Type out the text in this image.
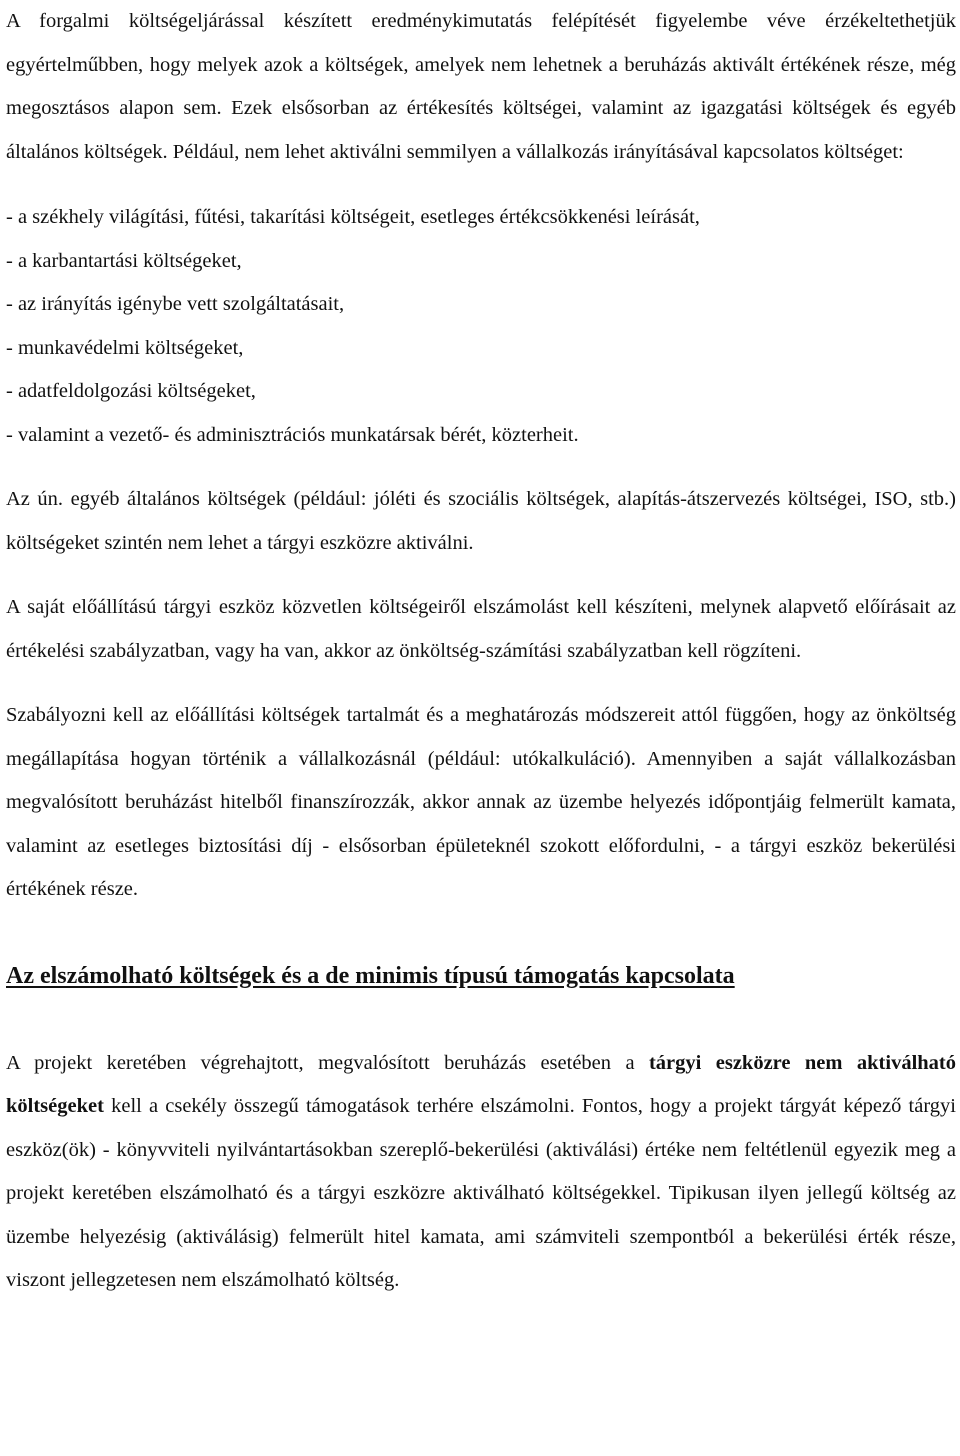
A forgalmi költségeljárással készített eredménykimutatás felépítését figyelembe véve érzékeltethetjük egyértelműbben, hogy melyek azok a költségek, amelyek nem lehetnek a beruházás aktivált értékének része, még megosztásos alapon sem. Ezek elsősorban az értékesítés költségei, valamint az igazgatási költségek és egyéb általános költségek. Például, nem lehet aktiválni semmilyen a vállalkozás irányításával kapcsolatos költséget:

- a székhely világítási, fűtési, takarítási költségeit, esetleges értékcsökkenési leírását,
- a karbantartási költségeket,
- az irányítás igénybe vett szolgáltatásait,
- munkavédelmi költségeket,
- adatfeldolgozási költségeket,
- valamint a vezető- és adminisztrációs munkatársak bérét, közterheit.

Az ún. egyéb általános költségek (például: jóléti és szociális költségek, alapítás-átszervezés költségei, ISO, stb.) költségeket szintén nem lehet a tárgyi eszközre aktiválni.

A saját előállítású tárgyi eszköz közvetlen költségeiről elszámolást kell készíteni, melynek alapvető előírásait az értékelési szabályzatban, vagy ha van, akkor az önköltség-számítási szabályzatban kell rögzíteni.

Szabályozni kell az előállítási költségek tartalmát és a meghatározás módszereit attól függően, hogy az önköltség megállapítása hogyan történik a vállalkozásnál (például: utókalkuláció). Amennyiben a saját vállalkozásban megvalósított beruházást hitelből finanszírozzák, akkor annak az üzembe helyezés időpontjáig felmerült kamata, valamint az esetleges biztosítási díj - elsősorban épületeknél szokott előfordulni, - a tárgyi eszköz bekerülési értékének része.

Az elszámolható költségek és a de minimis típusú támogatás kapcsolata

A projekt keretében végrehajtott, megvalósított beruházás esetében a tárgyi eszközre nem aktiválható költségeket kell a csekély összegű támogatások terhére elszámolni. Fontos, hogy a projekt tárgyát képező tárgyi eszköz(ök) - könyvviteli nyilvántartásokban szereplő-bekerülési (aktiválási) értéke nem feltétlenül egyezik meg a projekt keretében elszámolható és a tárgyi eszközre aktiválható költségekkel. Tipikusan ilyen jellegű költség az üzembe helyezésig (aktiválásig) felmerült hitel kamata, ami számviteli szempontból a bekerülési érték része, viszont jellegzetesen nem elszámolható költség.
